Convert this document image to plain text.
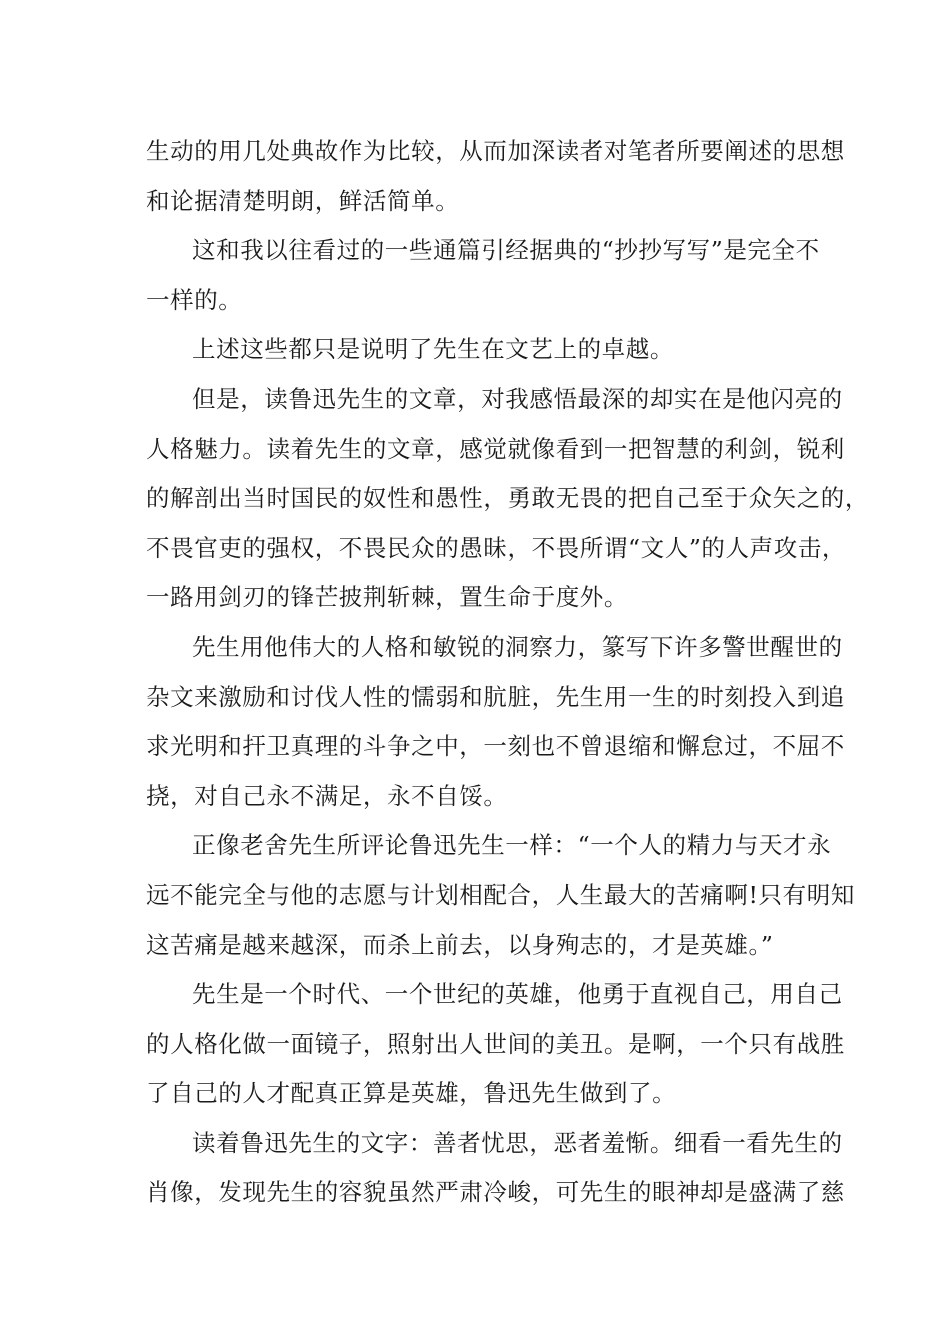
生动的用几处典故作为比较，从而加深读者对笔者所要阐述的思想
和论据清楚明朗，鲜活简单。
这和我以往看过的一些通篇引经据典的“抄抄写写”是完全不
一样的。
上述这些都只是说明了先生在文艺上的卓越。
但是，读鲁迅先生的文章，对我感悟最深的却实在是他闪亮的
人格魅力。读着先生的文章，感觉就像看到一把智慧的利剑，锐利
的解剖出当时国民的奴性和愚性，勇敢无畏的把自己至于众矢之的，
不畏官吏的强权，不畏民众的愚昧，不畏所谓“文人”的人声攻击，
一路用剑刃的锋芒披荆斩棘，置生命于度外。
先生用他伟大的人格和敏锐的洞察力，篆写下许多警世醒世的
杂文来激励和讨伐人性的懦弱和肮脏，先生用一生的时刻投入到追
求光明和扞卫真理的斗争之中，一刻也不曾退缩和懈怠过，不屈不
挠，对自己永不满足，永不自馁。
正像老舍先生所评论鲁迅先生一样：“一个人的精力与天才永
远不能完全与他的志愿与计划相配合，人生最大的苦痛啊!只有明知
这苦痛是越来越深，而杀上前去，以身殉志的，才是英雄。”
先生是一个时代、一个世纪的英雄，他勇于直视自己，用自己
的人格化做一面镜子，照射出人世间的美丑。是啊，一个只有战胜
了自己的人才配真正算是英雄，鲁迅先生做到了。
读着鲁迅先生的文字：善者忧思，恶者羞惭。细看一看先生的
肖像，发现先生的容貌虽然严肃冷峻，可先生的眼神却是盛满了慈
